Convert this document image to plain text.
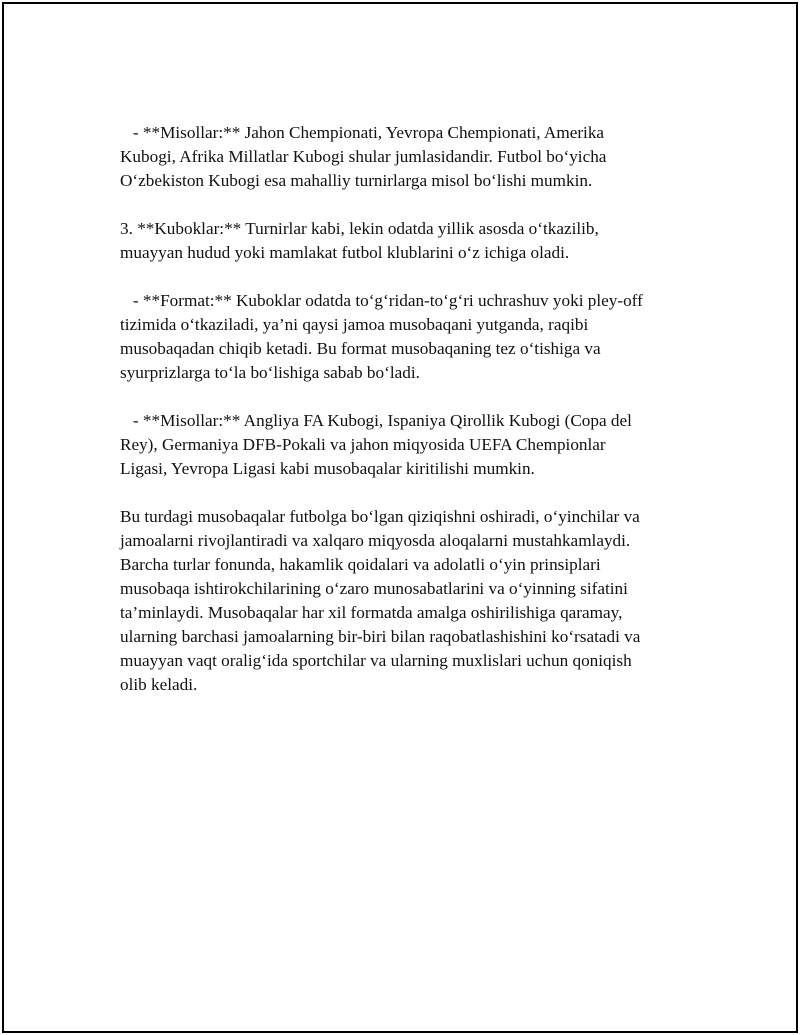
- **Misollar:** Jahon Chempionati, Yevropa Chempionati, Amerika
Kubogi, Afrika Millatlar Kubogi shular jumlasidandir. Futbol bo‘yicha
O‘zbekiston Kubogi esa mahalliy turnirlarga misol bo‘lishi mumkin.

3. **Kuboklar:** Turnirlar kabi, lekin odatda yillik asosda o‘tkazilib,
muayyan hudud yoki mamlakat futbol klublarini o‘z ichiga oladi.

- **Format:** Kuboklar odatda to‘g‘ridan-to‘g‘ri uchrashuv yoki pley-off
tizimida o‘tkaziladi, ya’ni qaysi jamoa musobaqani yutganda, raqibi
musobaqadan chiqib ketadi. Bu format musobaqaning tez o‘tishiga va
syurprizlarga to‘la bo‘lishiga sabab bo‘ladi.

- **Misollar:** Angliya FA Kubogi, Ispaniya Qirollik Kubogi (Copa del
Rey), Germaniya DFB-Pokali va jahon miqyosida UEFA Chempionlar
Ligasi, Yevropa Ligasi kabi musobaqalar kiritilishi mumkin.

Bu turdagi musobaqalar futbolga bo‘lgan qiziqishni oshiradi, o‘yinchilar va
jamoalarni rivojlantiradi va xalqaro miqyosda aloqalarni mustahkamlaydi.
Barcha turlar fonunda, hakamlik qoidalari va adolatli o‘yin prinsiplari
musobaqa ishtirokchilarining o‘zaro munosabatlarini va o‘yinning sifatini
ta’minlaydi. Musobaqalar har xil formatda amalga oshirilishiga qaramay,
ularning barchasi jamoalarning bir-biri bilan raqobatlashishini ko‘rsatadi va
muayyan vaqt oralig‘ida sportchilar va ularning muxlislari uchun qoniqish
olib keladi.
